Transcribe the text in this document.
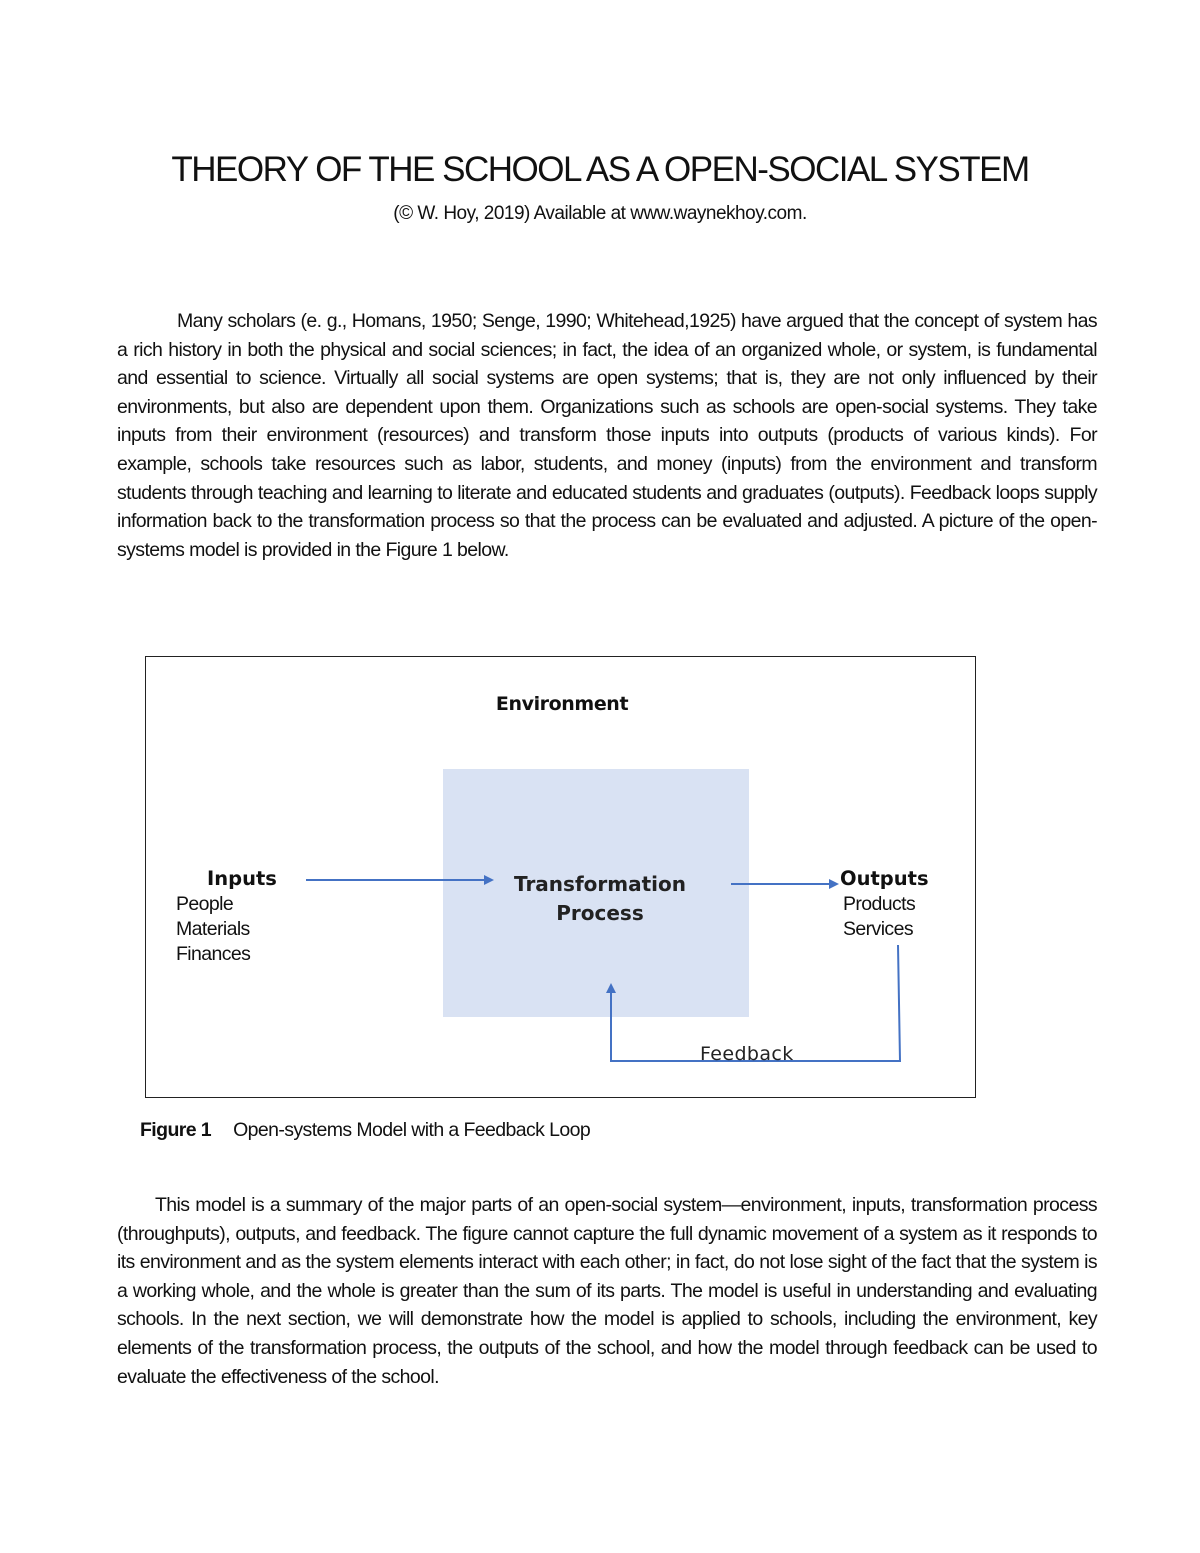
THEORY OF THE SCHOOL AS A OPEN-SOCIAL SYSTEM
(© W. Hoy, 2019) Available at www.waynekhoy.com.

Many scholars (e. g., Homans, 1950; Senge, 1990; Whitehead,1925) have argued that the concept of system has a rich history in both the physical and social sciences; in fact, the idea of an organized whole, or system, is fundamental and essential to science. Virtually all social systems are open systems; that is, they are not only influenced by their environments, but also are dependent upon them. Organizations such as schools are open-social systems. They take inputs from their environment (resources) and transform those inputs into outputs (products of various kinds). For example, schools take resources such as labor, students, and money (inputs) from the environment and transform students through teaching and learning to literate and educated students and graduates (outputs). Feedback loops supply information back to the transformation process so that the process can be evaluated and adjusted. A picture of the open-systems model is provided in the Figure 1 below.

Environment
Transformation
Process
Inputs
People
Materials
Finances
Outputs
Products
Services
Feedback
Figure 1 Open-systems Model with a Feedback Loop

This model is a summary of the major parts of an open-social system—environment, inputs, transformation process (throughputs), outputs, and feedback. The figure cannot capture the full dynamic movement of a system as it responds to its environment and as the system elements interact with each other; in fact, do not lose sight of the fact that the system is a working whole, and the whole is greater than the sum of its parts. The model is useful in understanding and evaluating schools. In the next section, we will demonstrate how the model is applied to schools, including the environment, key elements of the transformation process, the outputs of the school, and how the model through feedback can be used to evaluate the effectiveness of the school.
